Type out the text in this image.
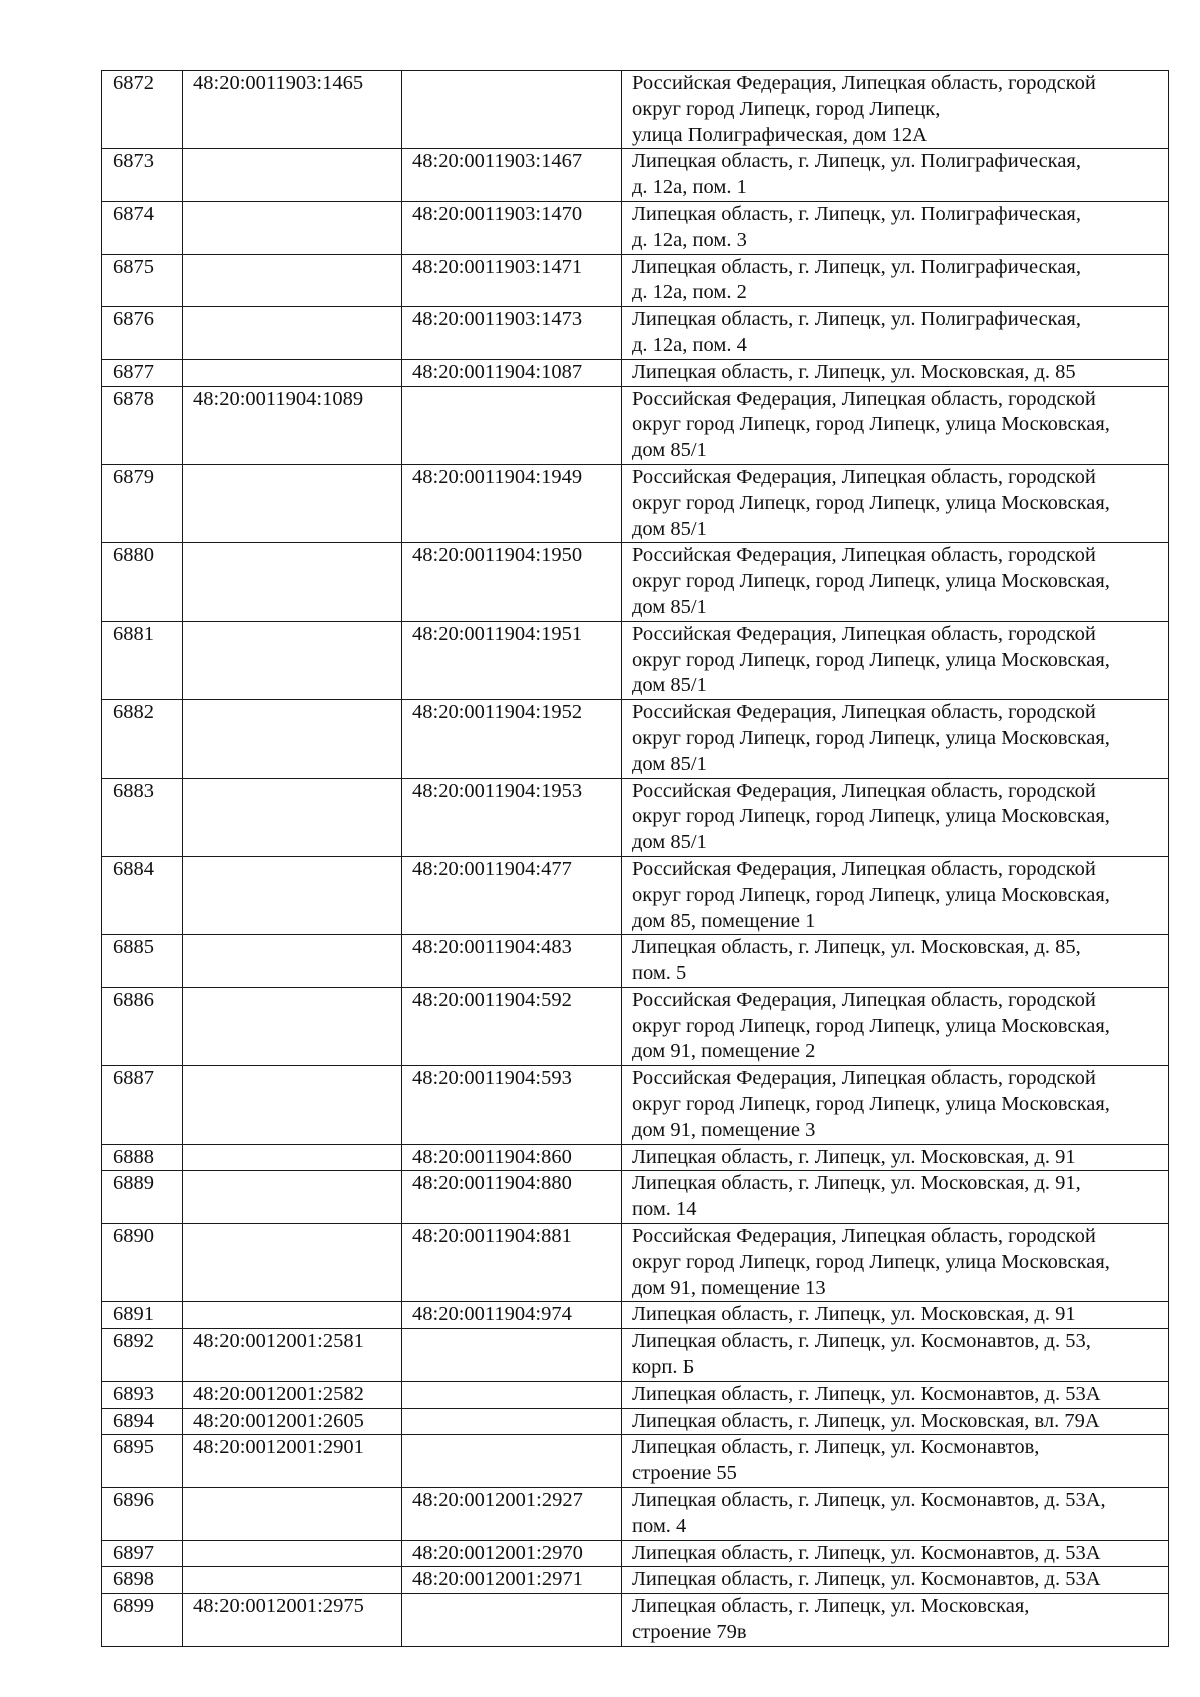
6872	48:20:0011903:1465		Российская Федерация, Липецкая область, городской
округ город Липецк, город Липецк,
улица Полиграфическая, дом 12А

6873		48:20:0011903:1467	Липецкая область, г. Липецк, ул. Полиграфическая,
д. 12а, пом. 1

6874		48:20:0011903:1470	Липецкая область, г. Липецк, ул. Полиграфическая,
д. 12а, пом. 3

6875		48:20:0011903:1471	Липецкая область, г. Липецк, ул. Полиграфическая,
д. 12а, пом. 2

6876		48:20:0011903:1473	Липецкая область, г. Липецк, ул. Полиграфическая,
д. 12а, пом. 4

6877		48:20:0011904:1087	Липецкая область, г. Липецк, ул. Московская, д. 85

6878	48:20:0011904:1089		Российская Федерация, Липецкая область, городской
округ город Липецк, город Липецк, улица Московская,
дом 85/1

6879		48:20:0011904:1949	Российская Федерация, Липецкая область, городской
округ город Липецк, город Липецк, улица Московская,
дом 85/1

6880		48:20:0011904:1950	Российская Федерация, Липецкая область, городской
округ город Липецк, город Липецк, улица Московская,
дом 85/1

6881		48:20:0011904:1951	Российская Федерация, Липецкая область, городской
округ город Липецк, город Липецк, улица Московская,
дом 85/1

6882		48:20:0011904:1952	Российская Федерация, Липецкая область, городской
округ город Липецк, город Липецк, улица Московская,
дом 85/1

6883		48:20:0011904:1953	Российская Федерация, Липецкая область, городской
округ город Липецк, город Липецк, улица Московская,
дом 85/1

6884		48:20:0011904:477	Российская Федерация, Липецкая область, городской
округ город Липецк, город Липецк, улица Московская,
дом 85, помещение 1

6885		48:20:0011904:483	Липецкая область, г. Липецк, ул. Московская, д. 85,
пом. 5

6886		48:20:0011904:592	Российская Федерация, Липецкая область, городской
округ город Липецк, город Липецк, улица Московская,
дом 91, помещение 2

6887		48:20:0011904:593	Российская Федерация, Липецкая область, городской
округ город Липецк, город Липецк, улица Московская,
дом 91, помещение 3

6888		48:20:0011904:860	Липецкая область, г. Липецк, ул. Московская, д. 91

6889		48:20:0011904:880	Липецкая область, г. Липецк, ул. Московская, д. 91,
пом. 14

6890		48:20:0011904:881	Российская Федерация, Липецкая область, городской
округ город Липецк, город Липецк, улица Московская,
дом 91, помещение 13

6891		48:20:0011904:974	Липецкая область, г. Липецк, ул. Московская, д. 91

6892	48:20:0012001:2581		Липецкая область, г. Липецк, ул. Космонавтов, д. 53,
корп. Б

6893	48:20:0012001:2582		Липецкая область, г. Липецк, ул. Космонавтов, д. 53А

6894	48:20:0012001:2605		Липецкая область, г. Липецк, ул. Московская, вл. 79А

6895	48:20:0012001:2901		Липецкая область, г. Липецк, ул. Космонавтов,
строение 55

6896		48:20:0012001:2927	Липецкая область, г. Липецк, ул. Космонавтов, д. 53А,
пом. 4

6897		48:20:0012001:2970	Липецкая область, г. Липецк, ул. Космонавтов, д. 53А

6898		48:20:0012001:2971	Липецкая область, г. Липецк, ул. Космонавтов, д. 53А

6899	48:20:0012001:2975		Липецкая область, г. Липецк, ул. Московская,
строение 79в
